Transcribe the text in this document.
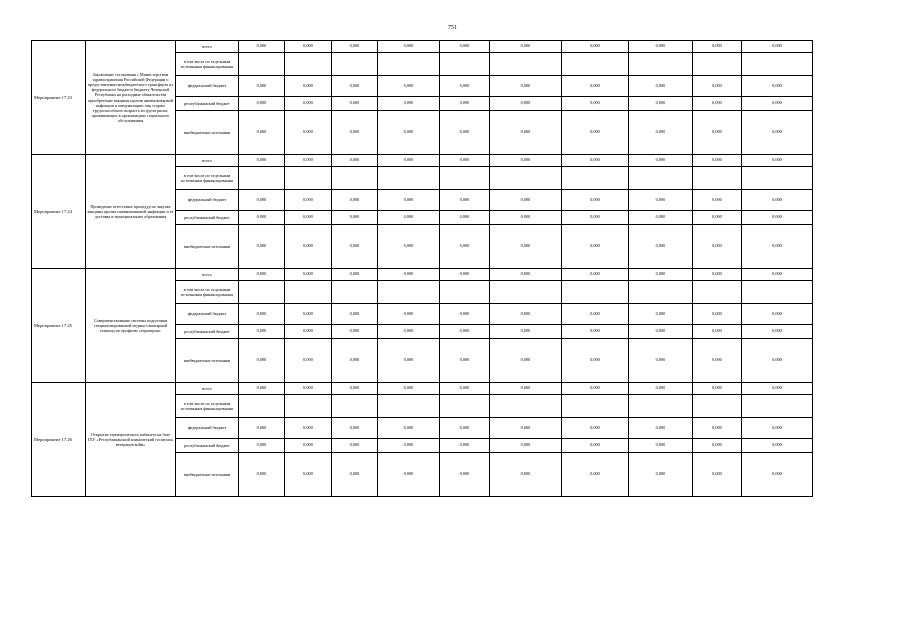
751
Мероприятие 17.23	Заключение соглашения с Министерством здравоохранения Российской Федерации о предоставлении межбюджетного трансферта из федерального бюджета бюджету Чеченской Республики на расходные обязательства приобретение вакцины против пневмококковой инфекции и иммунизацию лиц старше трудоспособного возраста из групп риска, проживающих в организациях социального обслуживания	всего	0,000	0,000	0,000	0,000	0,000	0,000	0,000	0,000	0,000	0,000	
		в том числе по отдельным источникам финансирования											
		федеральный бюджет	0,000	0,000	0,000	0,000	0,000	0,000	0,000	0,000	0,000	0,000	
		республиканский бюджет	0,000	0,000	0,000	0,000	0,000	0,000	0,000	0,000	0,000	0,000	
		внебюджетные источники	0,000	0,000	0,000	0,000	0,000	0,000	0,000	0,000	0,000	0,000	
Мероприятие 17.24	Проведение аттестовых процедур по закупке вакцины против пневмококковой инфекции и ее доставка в муниципальные образования	всего	0,000	0,000	0,000	0,000	0,000	0,000	0,000	0,000	0,000	0,000	
		в том числе по отдельным источникам финансирования											
		федеральный бюджет	0,000	0,000	0,000	0,000	0,000	0,000	0,000	0,000	0,000	0,000	
		республиканский бюджет	0,000	0,000	0,000	0,000	0,000	0,000	0,000	0,000	0,000	0,000	
		внебюджетные источники	0,000	0,000	0,000	0,000	0,000	0,000	0,000	0,000	0,000	0,000	
Мероприятие 17.25	Совершенствование системы подготовки специализированной медико-санитарной помощи по профилю «гериатрия»	всего	0,000	0,000	0,000	0,000	0,000	0,000	0,000	0,000	0,000	0,000	
		в том числе по отдельным источникам финансирования											
		федеральный бюджет	0,000	0,000	0,000	0,000	0,000	0,000	0,000	0,000	0,000	0,000	
		республиканский бюджет	0,000	0,000	0,000	0,000	0,000	0,000	0,000	0,000	0,000	0,000	
		внебюджетные источники	0,000	0,000	0,000	0,000	0,000	0,000	0,000	0,000	0,000	0,000	
Мероприятие 17.26	Открытие гериатрического кабинета на базе ГБУ «Республиканский клинический госпиталь ветеранов войн»	всего	0,000	0,000	0,000	0,000	0,000	0,000	0,000	0,000	0,000	0,000	
		в том числе по отдельным источникам финансирования											
		федеральный бюджет	0,000	0,000	0,000	0,000	0,000	0,000	0,000	0,000	0,000	0,000	
		республиканский бюджет	0,000	0,000	0,000	0,000	0,000	0,000	0,000	0,000	0,000	0,000	
		внебюджетные источники	0,000	0,000	0,000	0,000	0,000	0,000	0,000	0,000	0,000	0,000	
